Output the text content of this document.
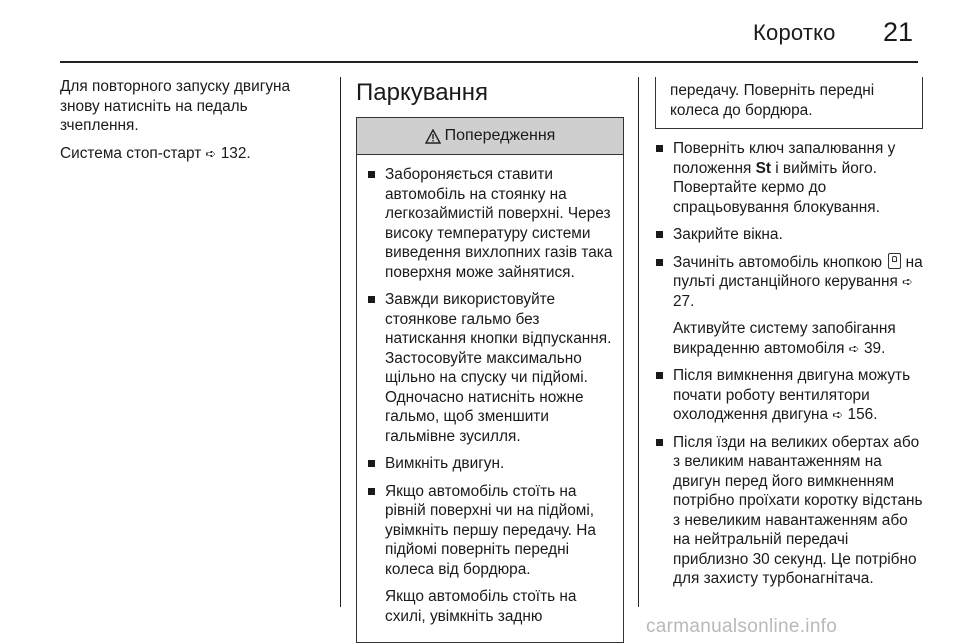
Коротко 21

Для повторного запуску двигуна знову натисніть на педаль зчеплення.

Система стоп-старт ➪ 132.

Паркування
Попередження
Забороняється ставити автомобіль на стоянку на легкозаймистій поверхні. Через високу температуру системи виведення вихлопних газів така поверхня може зайнятися.
Завжди використовуйте стоянкове гальмо без натискання кнопки відпускання. Застосовуйте максимально щільно на спуску чи підйомі. Одночасно натисніть ножне гальмо, щоб зменшити гальмівне зусилля.
Вимкніть двигун.
Якщо автомобіль стоїть на рівній поверхні чи на підйомі, увімкніть першу передачу. На підйомі поверніть передні колеса від бордюра.
Якщо автомобіль стоїть на схилі, увімкніть задню
передачу. Поверніть передні колеса до бордюра.
Поверніть ключ запалювання у положення St і вийміть його. Повертайте кермо до спрацьовування блокування.
Закрийте вікна.
Зачиніть автомобіль кнопкою на пульті дистанційного керування ➪ 27.
Активуйте систему запобігання викраденню автомобіля ➪ 39.
Після вимкнення двигуна можуть почати роботу вентилятори охолодження двигуна ➪ 156.
Після їзди на великих обертах або з великим навантаженням на двигун перед його вимкненням потрібно проїхати коротку відстань з невеликим навантаженням або на нейтральній передачі приблизно 30 секунд. Це потрібно для захисту турбонагнітача.
carmanualsonline.info
